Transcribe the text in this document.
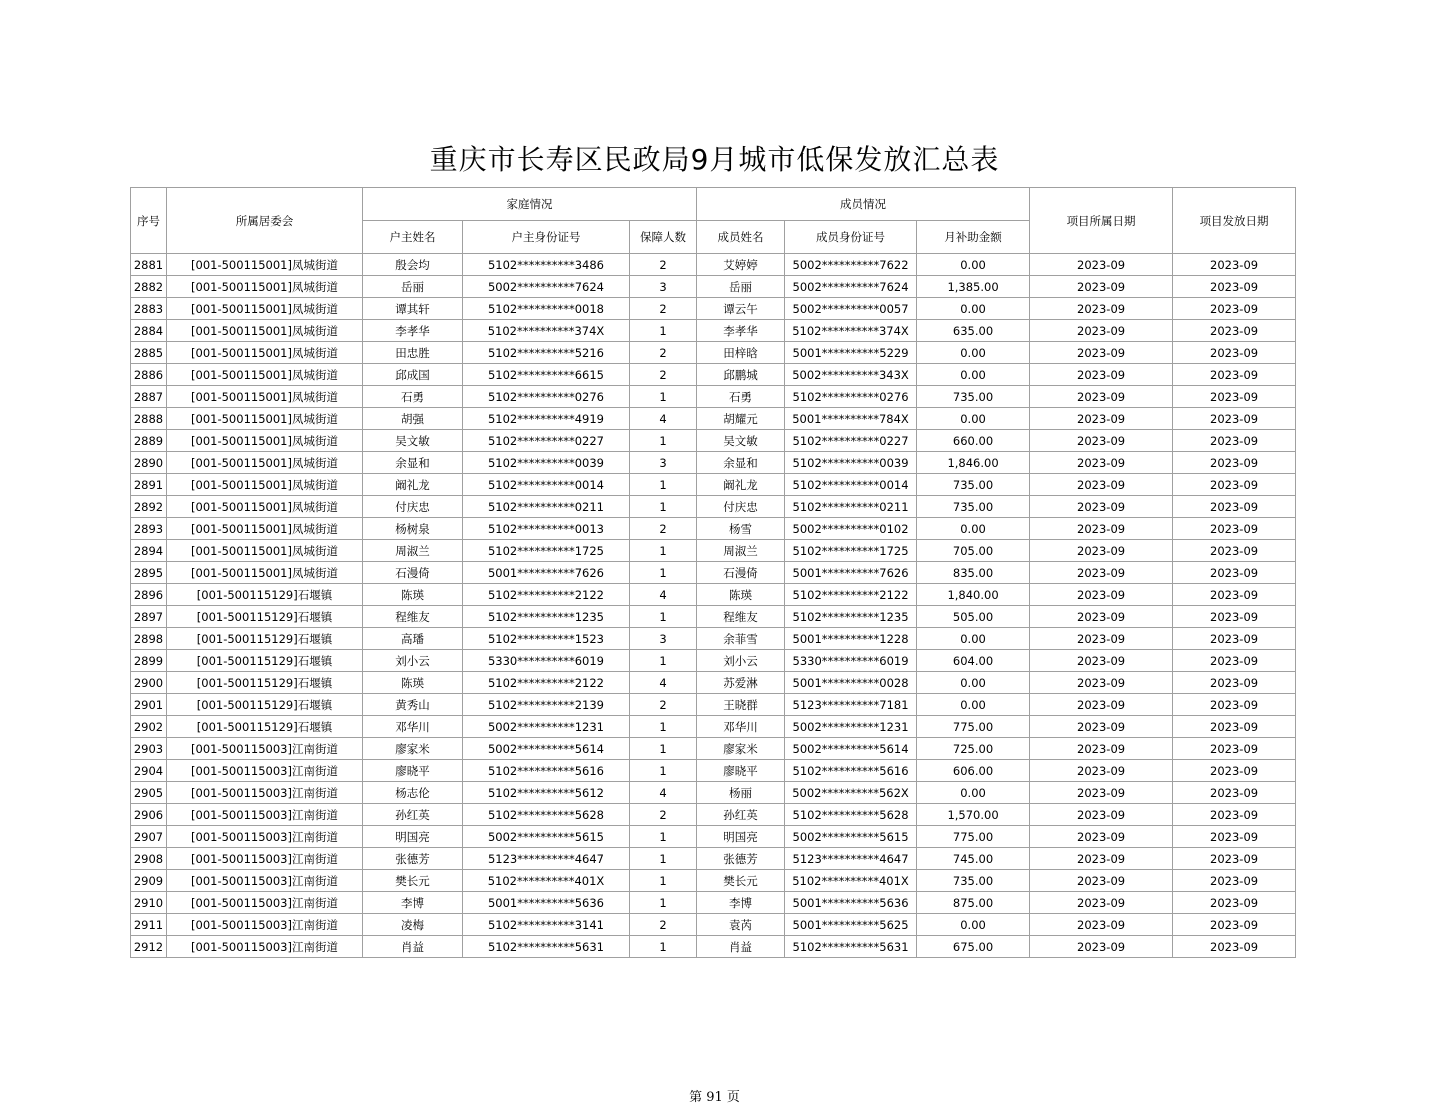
重庆市长寿区民政局9月城市低保发放汇总表
序号	所属居委会	家庭情况			成员情况			项目所属日期	项目发放日期
		户主姓名	户主身份证号	保障人数	成员姓名	成员身份证号	月补助金额		
2881	[001-500115001]凤城街道	殷会均	5102**********3486	2	艾婷婷	5002**********7622	0.00	2023-09	2023-09
2882	[001-500115001]凤城街道	岳丽	5002**********7624	3	岳丽	5002**********7624	1,385.00	2023-09	2023-09
2883	[001-500115001]凤城街道	谭其轩	5102**********0018	2	谭云午	5002**********0057	0.00	2023-09	2023-09
2884	[001-500115001]凤城街道	李孝华	5102**********374X	1	李孝华	5102**********374X	635.00	2023-09	2023-09
2885	[001-500115001]凤城街道	田忠胜	5102**********5216	2	田梓晗	5001**********5229	0.00	2023-09	2023-09
2886	[001-500115001]凤城街道	邱成国	5102**********6615	2	邱鹏城	5002**********343X	0.00	2023-09	2023-09
2887	[001-500115001]凤城街道	石勇	5102**********0276	1	石勇	5102**********0276	735.00	2023-09	2023-09
2888	[001-500115001]凤城街道	胡强	5102**********4919	4	胡耀元	5001**********784X	0.00	2023-09	2023-09
2889	[001-500115001]凤城街道	吴文敏	5102**********0227	1	吴文敏	5102**********0227	660.00	2023-09	2023-09
2890	[001-500115001]凤城街道	余显和	5102**********0039	3	余显和	5102**********0039	1,846.00	2023-09	2023-09
2891	[001-500115001]凤城街道	阚礼龙	5102**********0014	1	阚礼龙	5102**********0014	735.00	2023-09	2023-09
2892	[001-500115001]凤城街道	付庆忠	5102**********0211	1	付庆忠	5102**********0211	735.00	2023-09	2023-09
2893	[001-500115001]凤城街道	杨树泉	5102**********0013	2	杨雪	5002**********0102	0.00	2023-09	2023-09
2894	[001-500115001]凤城街道	周淑兰	5102**********1725	1	周淑兰	5102**********1725	705.00	2023-09	2023-09
2895	[001-500115001]凤城街道	石漫倚	5001**********7626	1	石漫倚	5001**********7626	835.00	2023-09	2023-09
2896	[001-500115129]石堰镇	陈瑛	5102**********2122	4	陈瑛	5102**********2122	1,840.00	2023-09	2023-09
2897	[001-500115129]石堰镇	程维友	5102**********1235	1	程维友	5102**********1235	505.00	2023-09	2023-09
2898	[001-500115129]石堰镇	高璠	5102**********1523	3	余菲雪	5001**********1228	0.00	2023-09	2023-09
2899	[001-500115129]石堰镇	刘小云	5330**********6019	1	刘小云	5330**********6019	604.00	2023-09	2023-09
2900	[001-500115129]石堰镇	陈瑛	5102**********2122	4	苏爱淋	5001**********0028	0.00	2023-09	2023-09
2901	[001-500115129]石堰镇	黄秀山	5102**********2139	2	王晓群	5123**********7181	0.00	2023-09	2023-09
2902	[001-500115129]石堰镇	邓华川	5002**********1231	1	邓华川	5002**********1231	775.00	2023-09	2023-09
2903	[001-500115003]江南街道	廖家米	5002**********5614	1	廖家米	5002**********5614	725.00	2023-09	2023-09
2904	[001-500115003]江南街道	廖晓平	5102**********5616	1	廖晓平	5102**********5616	606.00	2023-09	2023-09
2905	[001-500115003]江南街道	杨志伦	5102**********5612	4	杨丽	5002**********562X	0.00	2023-09	2023-09
2906	[001-500115003]江南街道	孙红英	5102**********5628	2	孙红英	5102**********5628	1,570.00	2023-09	2023-09
2907	[001-500115003]江南街道	明国亮	5002**********5615	1	明国亮	5002**********5615	775.00	2023-09	2023-09
2908	[001-500115003]江南街道	张德芳	5123**********4647	1	张德芳	5123**********4647	745.00	2023-09	2023-09
2909	[001-500115003]江南街道	樊长元	5102**********401X	1	樊长元	5102**********401X	735.00	2023-09	2023-09
2910	[001-500115003]江南街道	李博	5001**********5636	1	李博	5001**********5636	875.00	2023-09	2023-09
2911	[001-500115003]江南街道	凌梅	5102**********3141	2	袁芮	5001**********5625	0.00	2023-09	2023-09
2912	[001-500115003]江南街道	肖益	5102**********5631	1	肖益	5102**********5631	675.00	2023-09	2023-09
第 91 页
